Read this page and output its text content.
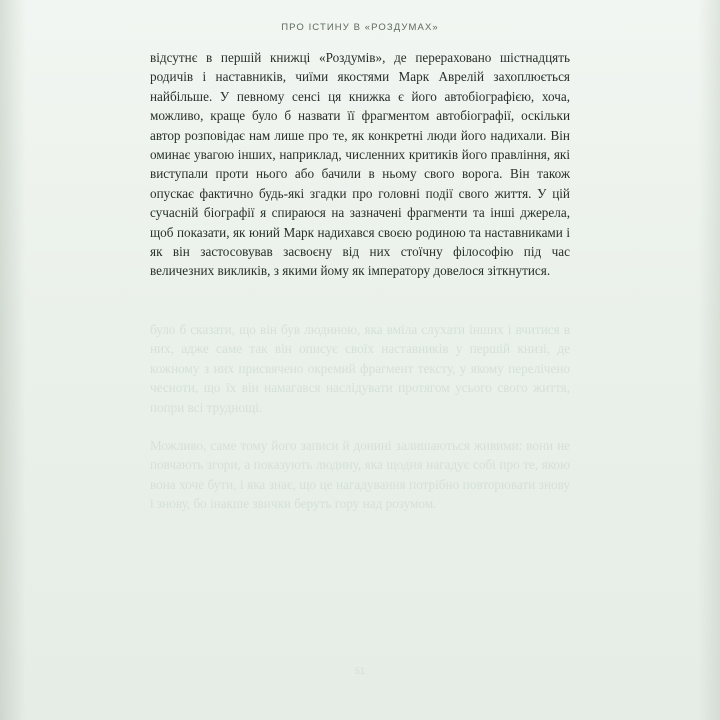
ПРО ІСТИНУ В «РОЗДУМАХ»

відсутнє в першій книжці «Роздумів», де перераховано шістнадцять родичів і наставників, чиїми якостями Марк Аврелій захоплюється найбільше. У певному сенсі ця книжка є його автобіографією, хоча, можливо, краще було б назвати її фрагментом автобіографії, оскільки автор розповідає нам лише про те, як конкретні люди його надихали. Він оминає увагою інших, наприклад, численних критиків його правління, які виступали проти нього або бачили в ньому свого ворога. Він також опускає фактично будь-які згадки про головні події свого життя. У цій сучасній біографії я спираюся на зазначені фрагменти та інші джерела, щоб показати, як юний Марк надихався своєю родиною та наставниками і як він застосовував засвоєну від них стоїчну філософію під час величезних викликів, з якими йому як імператору довелося зіткнутися.

було б сказати, що він був людиною, яка вміла слухати інших і вчитися в них, адже саме так він описує своїх наставників у першій книзі, де кожному з них присвячено окремий фрагмент тексту, у якому перелічено чесноти, що їх він намагався наслідувати протягом усього свого життя, попри всі труднощі.

Можливо, саме тому його записи й донині залишаються живими: вони не повчають згори, а показують людину, яка щодня нагадує собі про те, якою вона хоче бути, і яка знає, що це нагадування потрібно повторювати знову і знову, бо інакше звички беруть гору над розумом.

51
